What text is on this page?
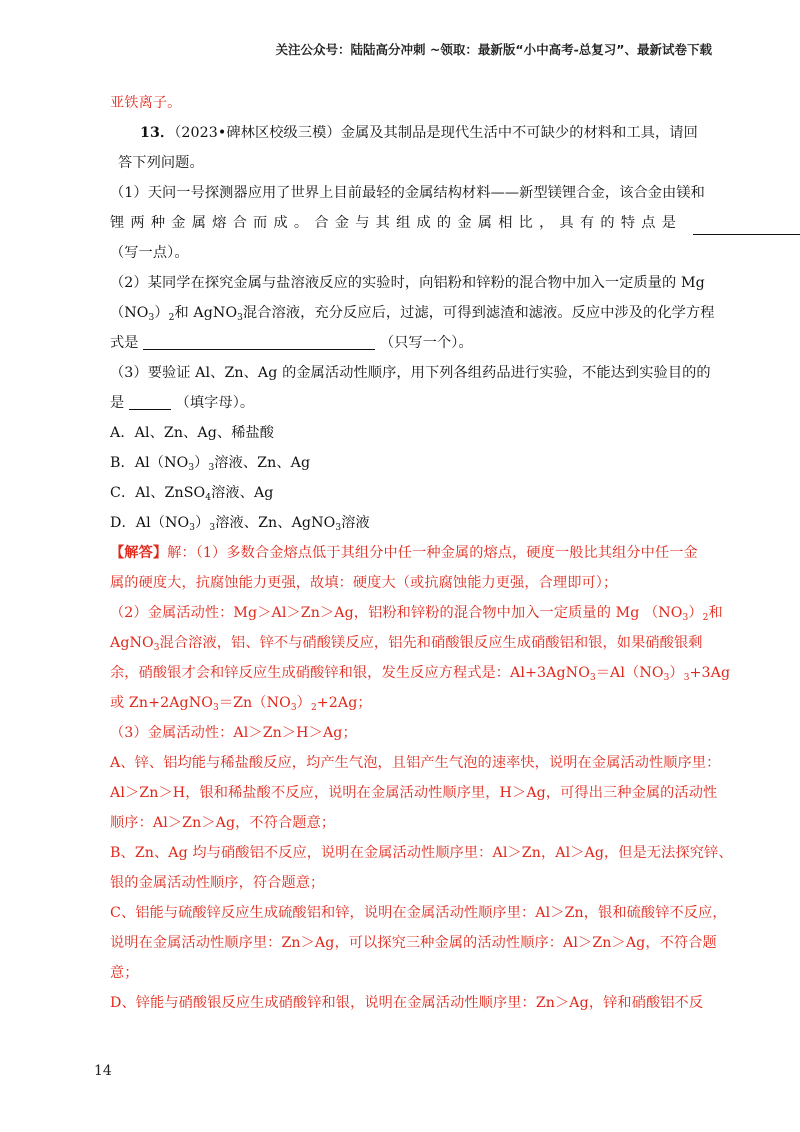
关注公众号：陆陆高分冲刺 ~领取：最新版“小中高考-总复习”、最新试卷下载
亚铁离子。
13．（2023•碑林区校级三模）金属及其制品是现代生活中不可缺少的材料和工具，请回
答下列问题。
（1）天问一号探测器应用了世界上目前最轻的金属结构材料——新型镁锂合金，该合金由镁和
锂两种金属熔合而成。合金与其组成的金属相比，具有的特点是
（写一点）。
（2）某同学在探究金属与盐溶液反应的实验时，向铝粉和锌粉的混合物中加入一定质量的 Mg
$(NO_3)_2$和 AgNO$_3$混合溶液，充分反应后，过滤，可得到滤渣和滤液。反应中涉及的化学方程
式是	（只写一个）。
（3）要验证 Al、Zn、Ag 的金属活动性顺序，用下列各组药品进行实验，不能达到实验目的的
是	（填字母）。
A．Al、Zn、Ag、稀盐酸
B．$Al(NO_3)_3$溶液、Zn、Ag
C．Al、ZnSO$_4$溶液、Ag
D．$Al(NO_3)_3$溶液、Zn、AgNO$_3$溶液
【解答】解：（1）多数合金熔点低于其组分中任一种金属的熔点，硬度一般比其组分中任一金
属的硬度大，抗腐蚀能力更强，故填：硬度大（或抗腐蚀能力更强，合理即可）；
（2）金属活动性：Mg＞Al＞Zn＞Ag，铝粉和锌粉的混合物中加入一定质量的 Mg $(NO_3)_2$和
AgNO$_3$混合溶液，铝、锌不与硝酸镁反应，铝先和硝酸银反应生成硝酸铝和银，如果硝酸银剩
余，硝酸银才会和锌反应生成硝酸锌和银，发生反应方程式是：$Al+3AgNO_3=Al(NO_3)_3+3Ag$
或 $Zn+2AgNO_3=Zn(NO_3)_2+2Ag$；
（3）金属活动性：Al＞Zn＞H＞Ag；
A、锌、铝均能与稀盐酸反应，均产生气泡，且铝产生气泡的速率快，说明在金属活动性顺序里：
Al＞Zn＞H，银和稀盐酸不反应，说明在金属活动性顺序里，H＞Ag，可得出三种金属的活动性
顺序：Al＞Zn＞Ag，不符合题意；
B、Zn、Ag 均与硝酸铝不反应，说明在金属活动性顺序里：Al＞Zn，Al＞Ag，但是无法探究锌、
银的金属活动性顺序，符合题意；
C、铝能与硫酸锌反应生成硫酸铝和锌，说明在金属活动性顺序里：Al＞Zn，银和硫酸锌不反应，
说明在金属活动性顺序里：Zn＞Ag，可以探究三种金属的活动性顺序：Al＞Zn＞Ag，不符合题
意；
D、锌能与硝酸银反应生成硝酸锌和银，说明在金属活动性顺序里：Zn＞Ag，锌和硝酸铝不反
14
